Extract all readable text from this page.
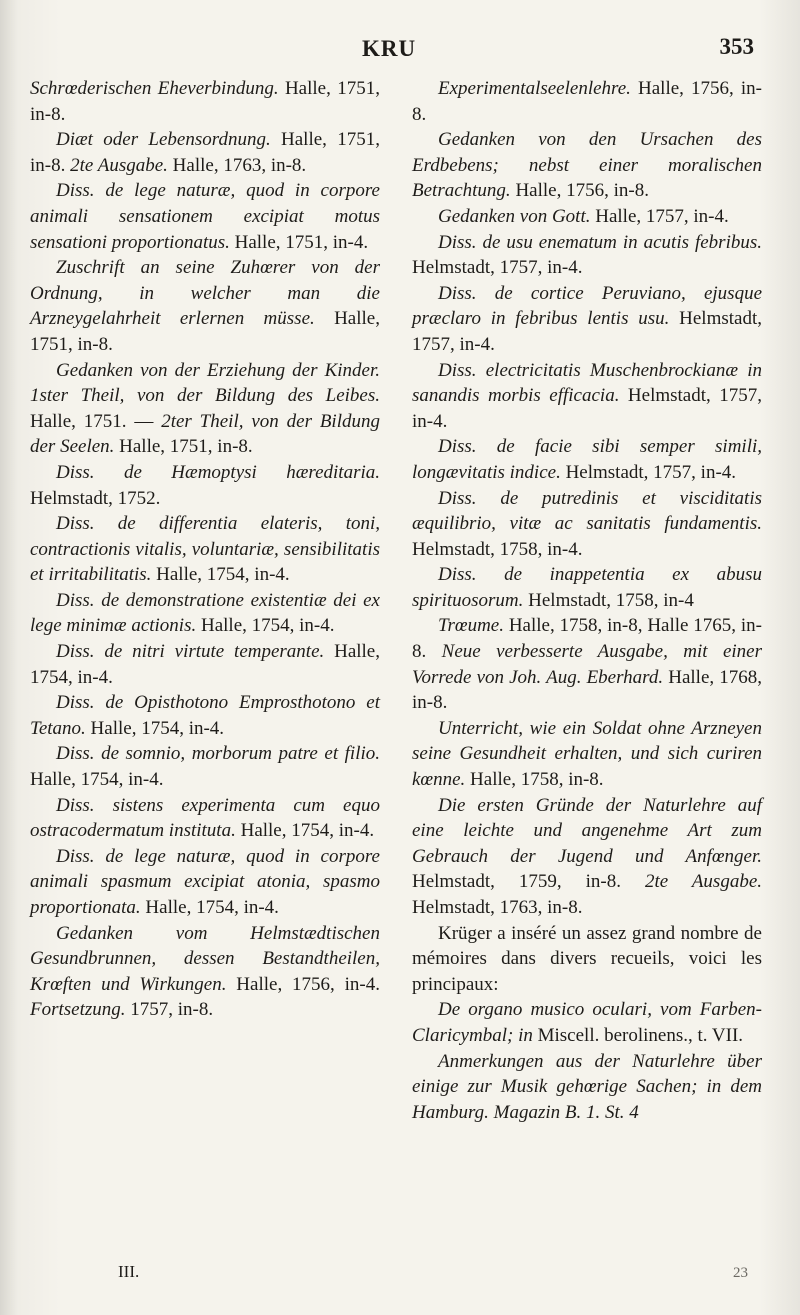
KRU	353

Schrœderischen Eheverbindung. Halle, 1751, in-8.

Diæt oder Lebensordnung. Halle, 1751, in-8. 2te Ausgabe. Halle, 1763, in-8.

Diss. de lege naturæ, quod in corpore animali sensationem excipiat motus sensationi proportionatus. Halle, 1751, in-4.

Zuschrift an seine Zuhœrer von der Ordnung, in welcher man die Arzneygelahrheit erlernen müsse. Halle, 1751, in-8.

Gedanken von der Erziehung der Kinder. 1ster Theil, von der Bildung des Leibes. Halle, 1751. — 2ter Theil, von der Bildung der Seelen. Halle, 1751, in-8.

Diss. de Hæmoptysi hæreditaria. Helmstadt, 1752.

Diss. de differentia elateris, toni, contractionis vitalis, voluntariæ, sensibilitatis et irritabilitatis. Halle, 1754, in-4.

Diss. de demonstratione existentiæ dei ex lege minimæ actionis. Halle, 1754, in-4.

Diss. de nitri virtute temperante. Halle, 1754, in-4.

Diss. de Opisthotono Emprosthotono et Tetano. Halle, 1754, in-4.

Diss. de somnio, morborum patre et filio. Halle, 1754, in-4.

Diss. sistens experimenta cum equo ostracodermatum instituta. Halle, 1754, in-4.

Diss. de lege naturæ, quod in corpore animali spasmum excipiat atonia, spasmo proportionata. Halle, 1754, in-4.

Gedanken vom Helmstædtischen Gesundbrunnen, dessen Bestandtheilen, Krœften und Wirkungen. Halle, 1756, in-4. Fortsetzung. 1757, in-8.

Experimentalseelenlehre. Halle, 1756, in-8.

Gedanken von den Ursachen des Erdbebens; nebst einer moralischen Betrachtung. Halle, 1756, in-8.

Gedanken von Gott. Halle, 1757, in-4.

Diss. de usu enematum in acutis febribus. Helmstadt, 1757, in-4.

Diss. de cortice Peruviano, ejusque præclaro in febribus lentis usu. Helmstadt, 1757, in-4.

Diss. electricitatis Muschenbrockianæ in sanandis morbis efficacia. Helmstadt, 1757, in-4.

Diss. de facie sibi semper simili, longævitatis indice. Helmstadt, 1757, in-4.

Diss. de putredinis et visciditatis æquilibrio, vitæ ac sanitatis fundamentis. Helmstadt, 1758, in-4.

Diss. de inappetentia ex abusu spirituosorum. Helmstadt, 1758, in-4

Trœume. Halle, 1758, in-8, Halle 1765, in-8. Neue verbesserte Ausgabe, mit einer Vorrede von Joh. Aug. Eberhard. Halle, 1768, in-8.

Unterricht, wie ein Soldat ohne Arzneyen seine Gesundheit erhalten, und sich curiren kœnne. Halle, 1758, in-8.

Die ersten Gründe der Naturlehre auf eine leichte und angenehme Art zum Gebrauch der Jugend und Anfœnger. Helmstadt, 1759, in-8. 2te Ausgabe. Helmstadt, 1763, in-8.

Krüger a inséré un assez grand nombre de mémoires dans divers recueils, voici les principaux:

De organo musico oculari, vom Farben-Claricymbal; in Miscell. berolinens., t. VII.

Anmerkungen aus der Naturlehre über einige zur Musik gehœrige Sachen; in dem Hamburg. Magazin B. 1. St. 4

III.	23
